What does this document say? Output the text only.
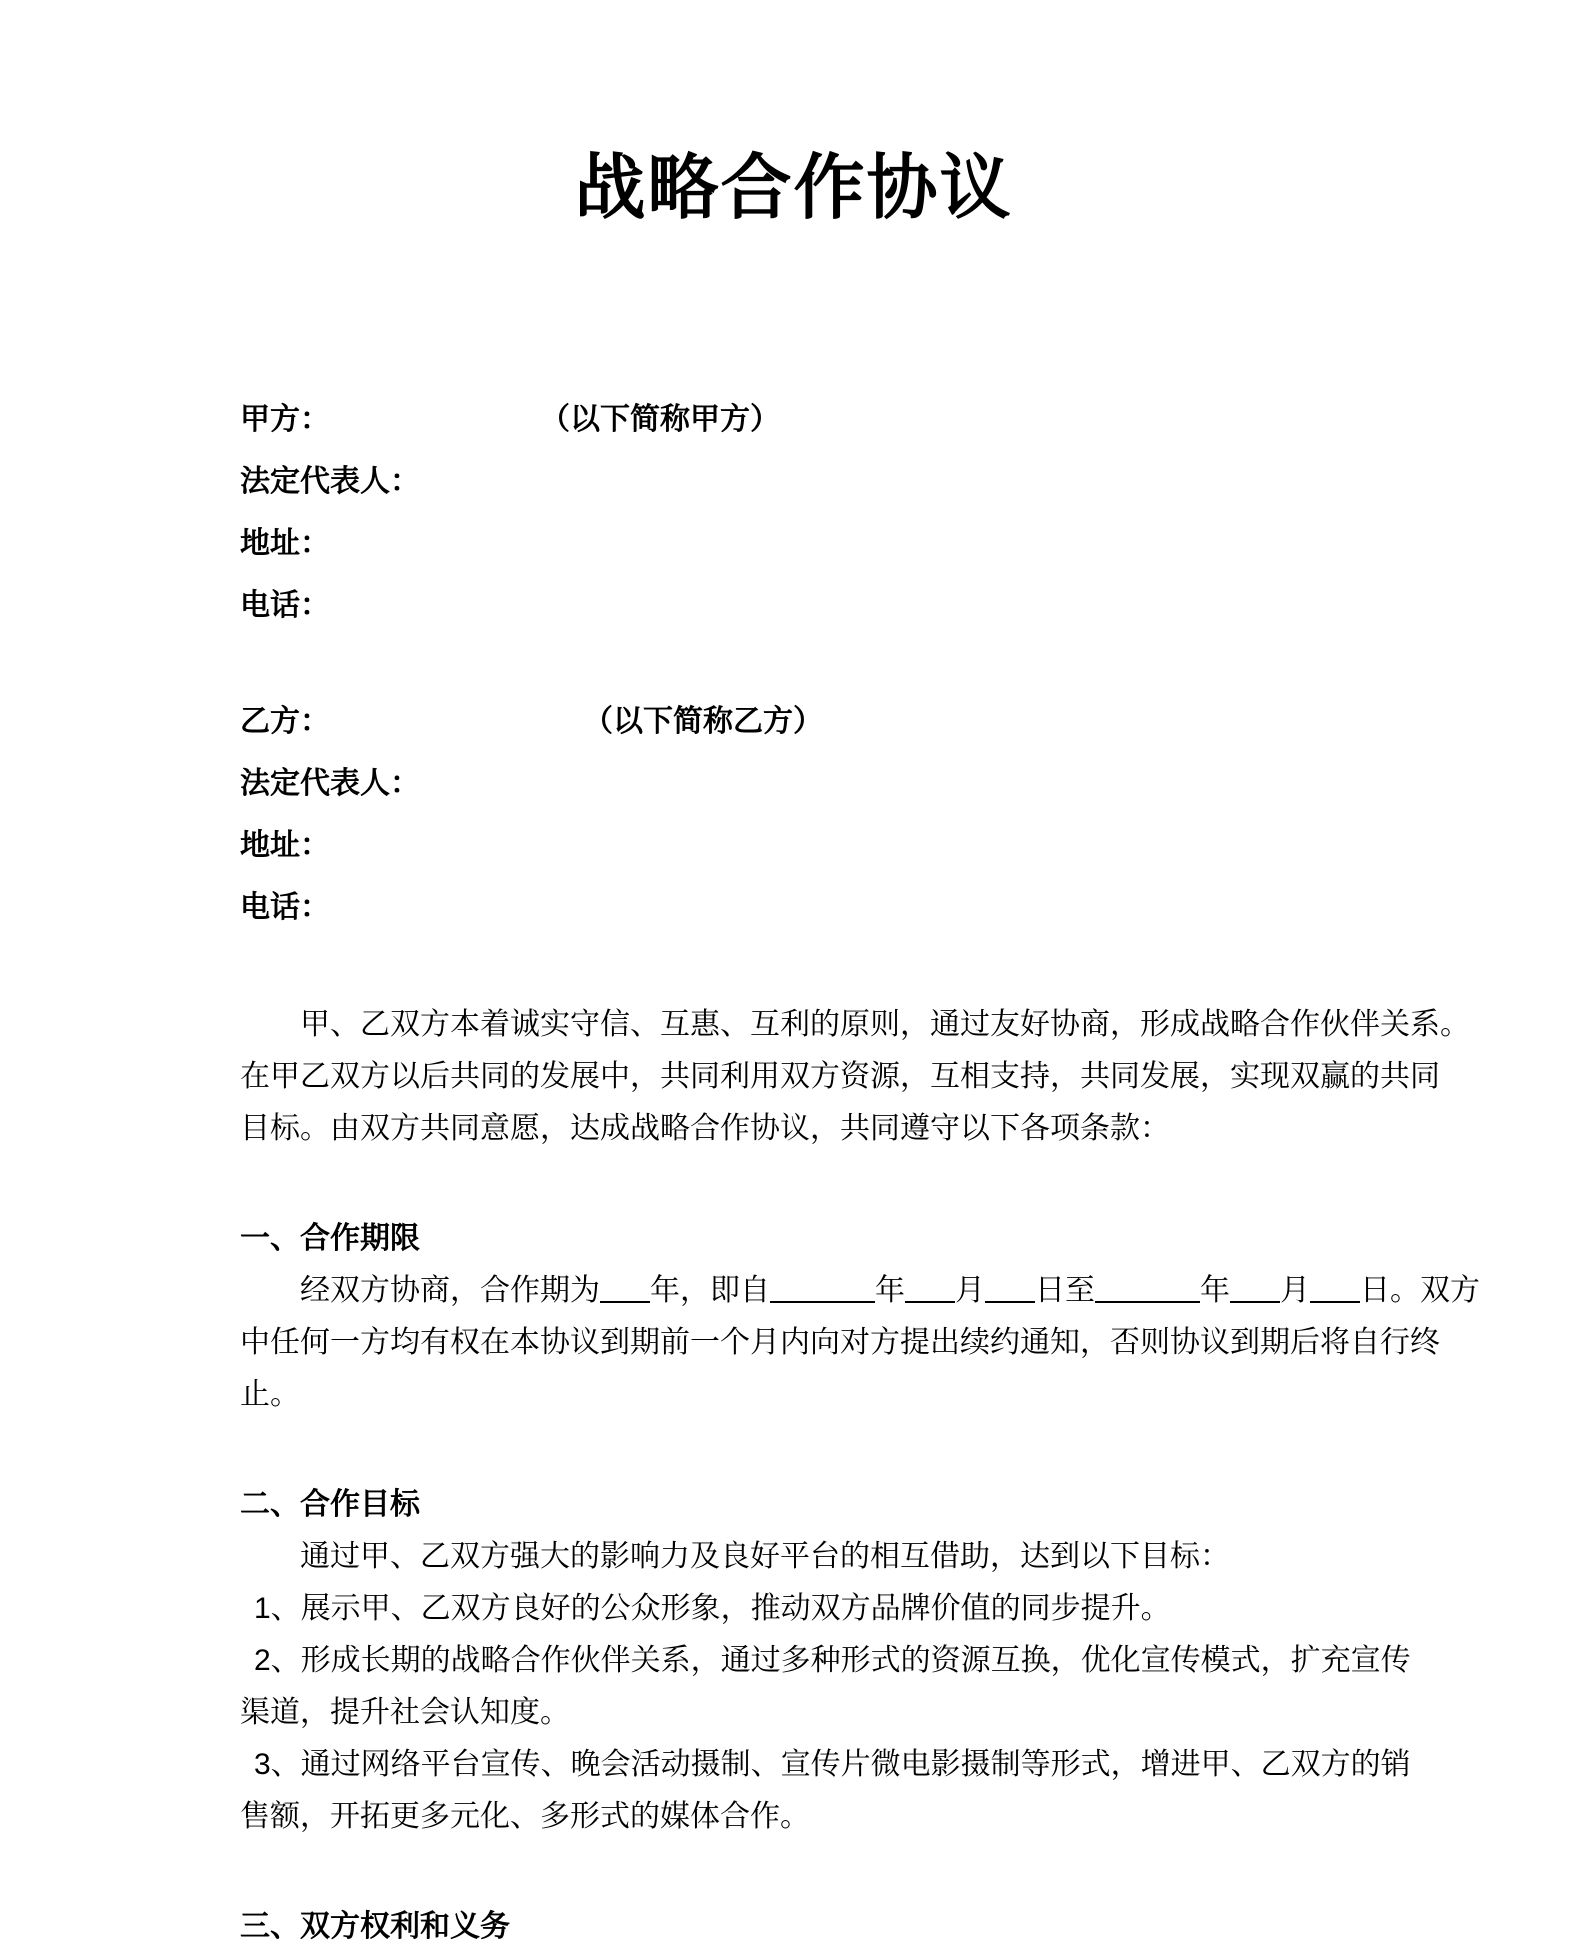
战略合作协议
甲方：	（以下简称甲方）
法定代表人：
地址：
电话：
乙方：	（以下简称乙方）
法定代表人：
地址：
电话：
甲、乙双方本着诚实守信、互惠、互利的原则，通过友好协商，形成战略合作伙伴关系。
在甲乙双方以后共同的发展中，共同利用双方资源，互相支持，共同发展，实现双赢的共同
目标。由双方共同意愿，达成战略合作协议，共同遵守以下各项条款：
一、合作期限
经双方协商，合作期为 年，即自	年 月 日至	年 月 日。双方
中任何一方均有权在本协议到期前一个月内向对方提出续约通知，否则协议到期后将自行终
止。
二、合作目标
通过甲、乙双方强大的影响力及良好平台的相互借助，达到以下目标：
1、展示甲、乙双方良好的公众形象，推动双方品牌价值的同步提升。
2、形成长期的战略合作伙伴关系，通过多种形式的资源互换，优化宣传模式，扩充宣传
渠道，提升社会认知度。
3、通过网络平台宣传、晚会活动摄制、宣传片微电影摄制等形式，增进甲、乙双方的销
售额，开拓更多元化、多形式的媒体合作。
三、双方权利和义务
